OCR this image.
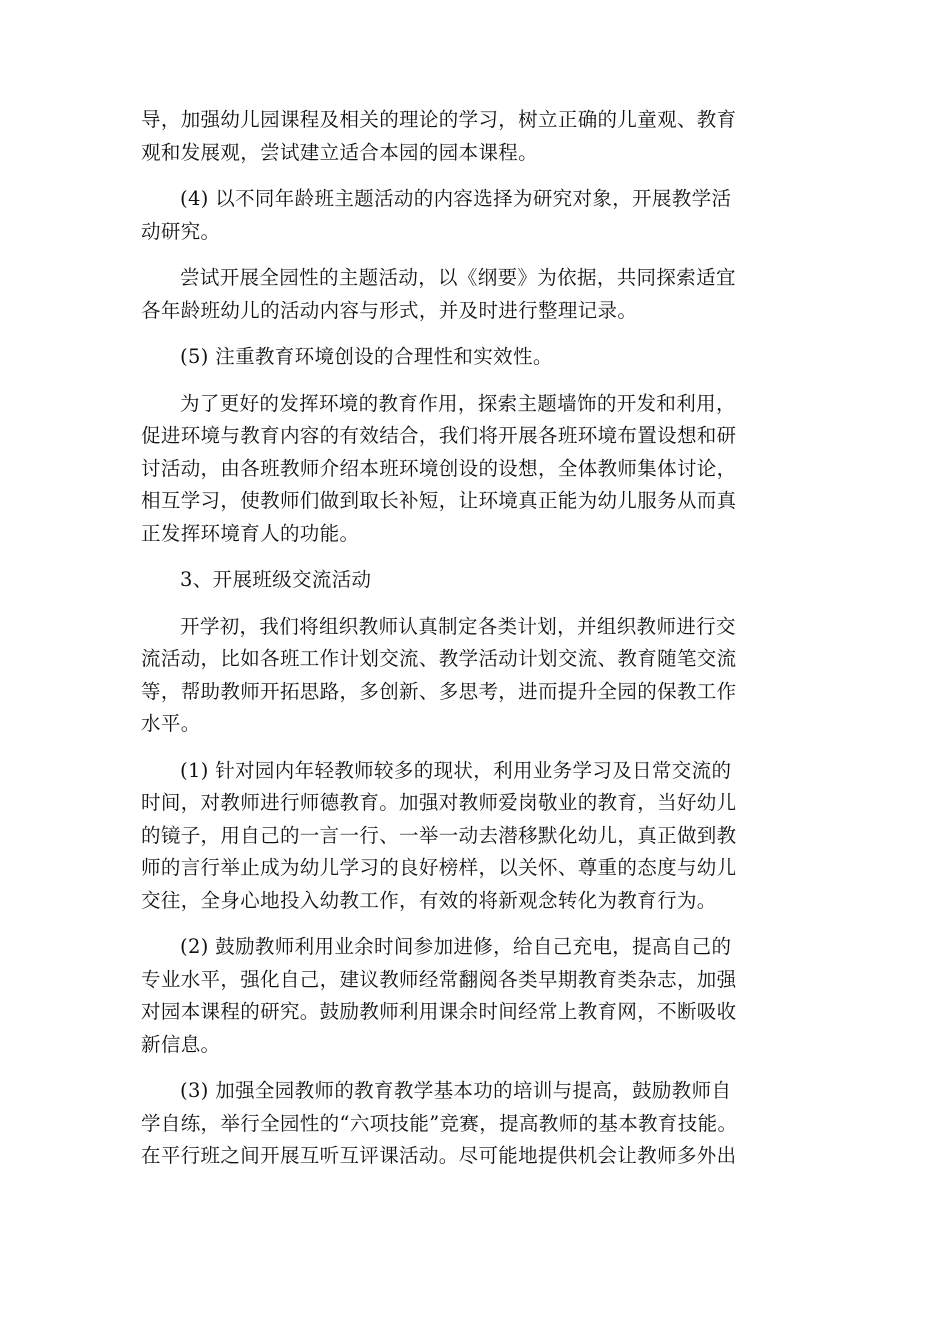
导，加强幼儿园课程及相关的理论的学习，树立正确的儿童观、教育
观和发展观，尝试建立适合本园的园本课程。
(4) 以不同年龄班主题活动的内容选择为研究对象，开展教学活
动研究。
尝试开展全园性的主题活动，以《纲要》为依据，共同探索适宜
各年龄班幼儿的活动内容与形式，并及时进行整理记录。
(5) 注重教育环境创设的合理性和实效性。
为了更好的发挥环境的教育作用，探索主题墙饰的开发和利用，
促进环境与教育内容的有效结合，我们将开展各班环境布置设想和研
讨活动，由各班教师介绍本班环境创设的设想，全体教师集体讨论，
相互学习，使教师们做到取长补短，让环境真正能为幼儿服务从而真
正发挥环境育人的功能。
3、开展班级交流活动
开学初，我们将组织教师认真制定各类计划，并组织教师进行交
流活动，比如各班工作计划交流、教学活动计划交流、教育随笔交流
等，帮助教师开拓思路，多创新、多思考，进而提升全园的保教工作
水平。
(1) 针对园内年轻教师较多的现状，利用业务学习及日常交流的
时间，对教师进行师德教育。加强对教师爱岗敬业的教育，当好幼儿
的镜子，用自己的一言一行、一举一动去潜移默化幼儿，真正做到教
师的言行举止成为幼儿学习的良好榜样，以关怀、尊重的态度与幼儿
交往，全身心地投入幼教工作，有效的将新观念转化为教育行为。
(2) 鼓励教师利用业余时间参加进修，给自己充电，提高自己的
专业水平，强化自己，建议教师经常翻阅各类早期教育类杂志，加强
对园本课程的研究。鼓励教师利用课余时间经常上教育网，不断吸收
新信息。
(3) 加强全园教师的教育教学基本功的培训与提高，鼓励教师自
学自练，举行全园性的“六项技能”竞赛，提高教师的基本教育技能。
在平行班之间开展互听互评课活动。尽可能地提供机会让教师多外出
